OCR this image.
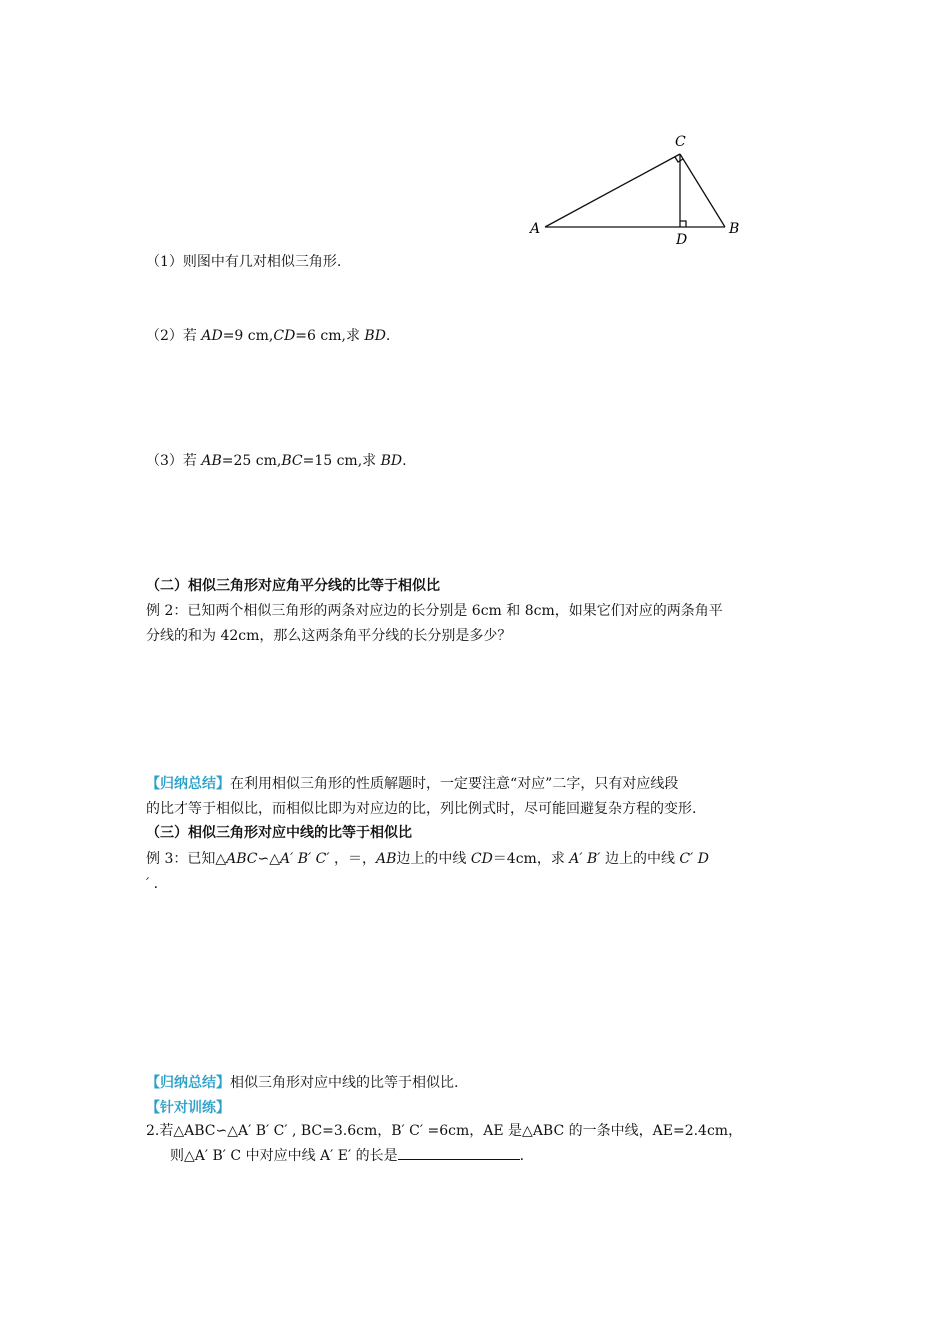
A	B
C
D
（1）则图中有几对相似三角形.
（2）若 AD=9 cm,CD=6 cm,求 BD.
（3）若 AB=25 cm,BC=15 cm,求 BD.
（二）相似三角形对应角平分线的比等于相似比
例 2：已知两个相似三角形的两条对应边的长分别是 6cm 和 8cm，如果它们对应的两条角平
分线的和为 42cm，那么这两条角平分线的长分别是多少？
【归纳总结】在利用相似三角形的性质解题时，一定要注意“对应”二字，只有对应线段
的比才等于相似比，而相似比即为对应边的比，列比例式时，尽可能回避复杂方程的变形.
（三）相似三角形对应中线的比等于相似比
例 3：已知△ABC∽△A′ B′ C′ ，＝，AB边上的中线 CD＝4cm，求 A′ B′ 边上的中线 C′ D
′ .
【归纳总结】相似三角形对应中线的比等于相似比.
【针对训练】
2.若△ABC∽△A′ B′ C′ , BC=3.6cm，B′ C′ =6cm，AE 是△ABC 的一条中线，AE=2.4cm，
则△A′ B′ C 中对应中线 A′ E′ 的长是	.
